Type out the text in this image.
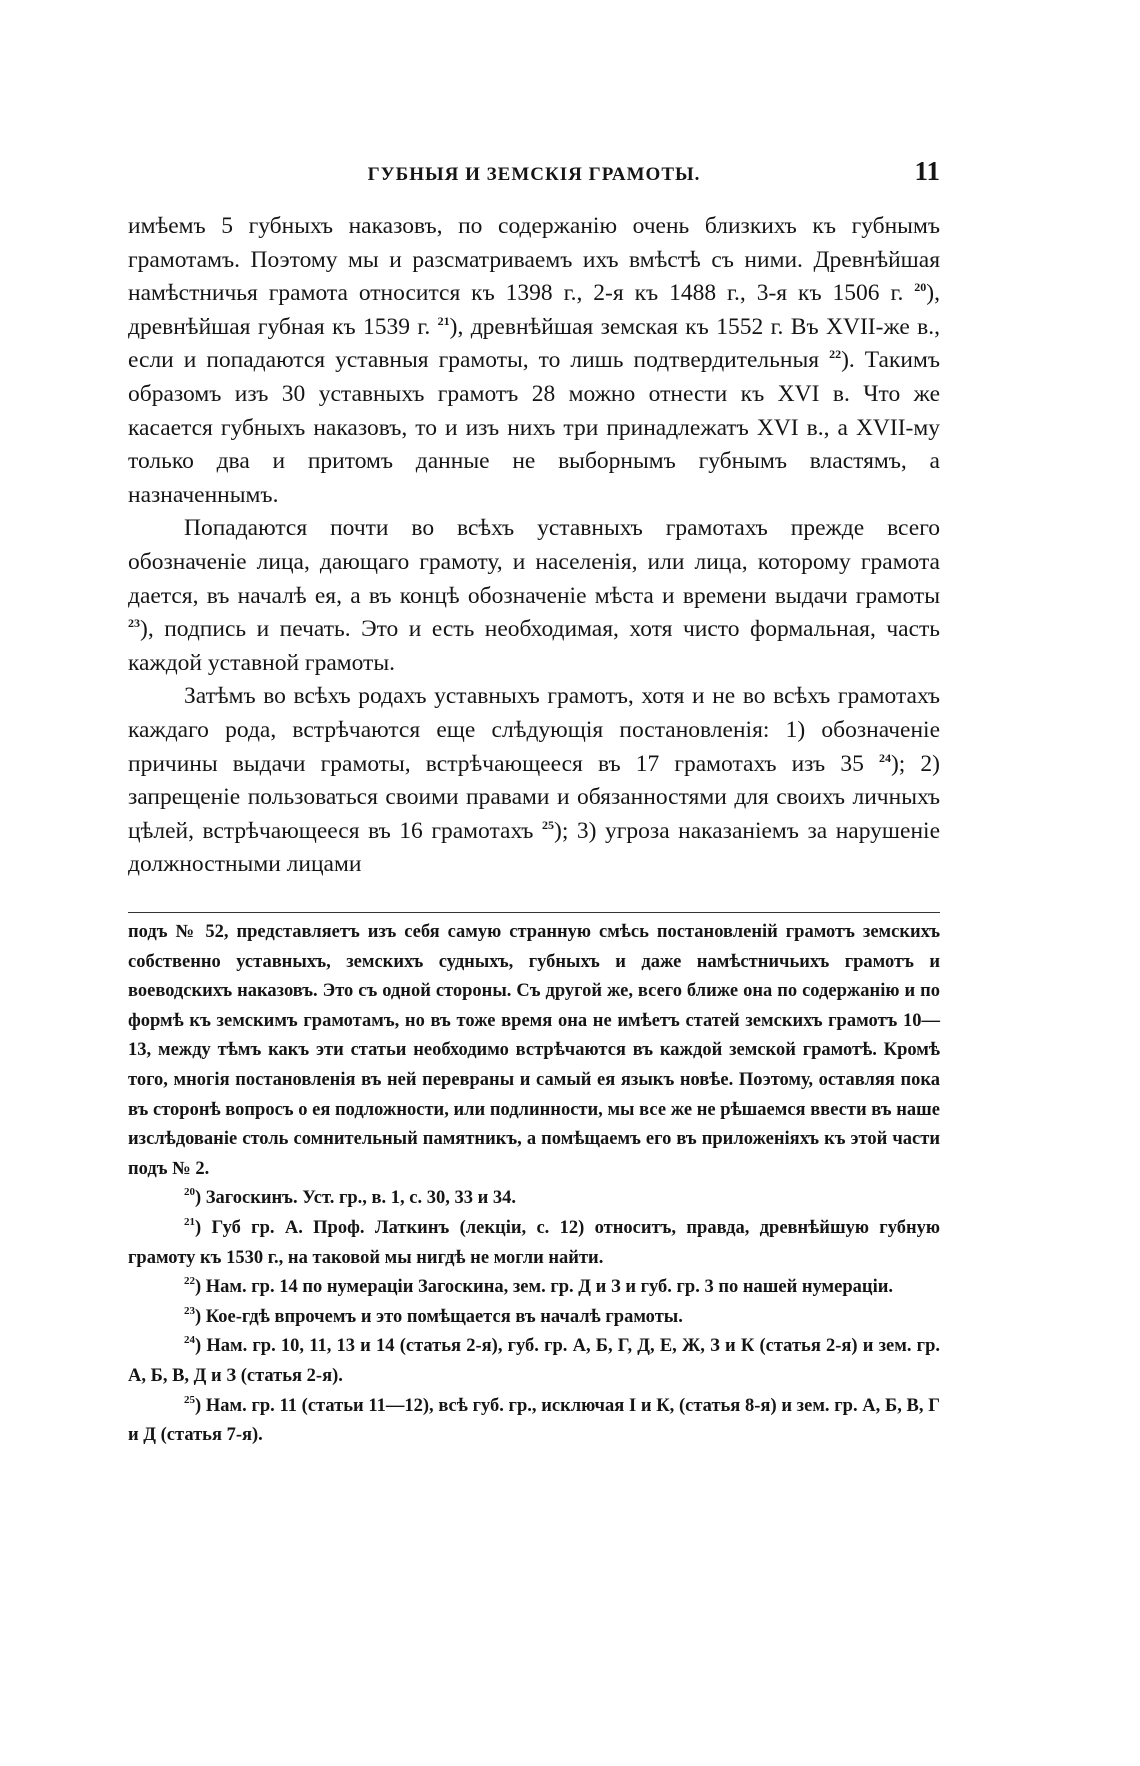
ГУБНЫЯ И ЗЕМСКІЯ ГРАМОТЫ.	11

имѣемъ 5 губныхъ наказовъ, по содержанію очень близкихъ къ губнымъ грамотамъ. Поэтому мы и разсматриваемъ ихъ вмѣстѣ съ ними. Древнѣйшая намѣстничья грамота относится къ 1398 г., 2-я къ 1488 г., 3-я къ 1506 г. $^{20}$), древнѣйшая губная къ 1539 г. $^{21}$), древнѣйшая земская къ 1552 г. Въ XVII-же в., если и попадаются уставныя грамоты, то лишь подтвердительныя $^{22}$). Такимъ образомъ изъ 30 уставныхъ грамотъ 28 можно отнести къ XVI в. Что же касается губныхъ наказовъ, то и изъ нихъ три принадлежатъ XVI в., а XVII-му только два и притомъ данные не выборнымъ губнымъ властямъ, а назначеннымъ.

Попадаются почти во всѣхъ уставныхъ грамотахъ прежде всего обозначеніе лица, дающаго грамоту, и населенія, или лица, которому грамота дается, въ началѣ ея, а въ концѣ обозначеніе мѣста и времени выдачи грамоты $^{23}$), подпись и печать. Это и есть необходимая, хотя чисто формальная, часть каждой уставной грамоты.

Затѣмъ во всѣхъ родахъ уставныхъ грамотъ, хотя и не во всѣхъ грамотахъ каждаго рода, встрѣчаются еще слѣдующія постановленія: 1) обозначеніе причины выдачи грамоты, встрѣчающееся въ 17 грамотахъ изъ 35 $^{24}$); 2) запрещеніе пользоваться своими правами и обязанностями для своихъ личныхъ цѣлей, встрѣчающееся въ 16 грамотахъ $^{25}$); 3) угроза наказаніемъ за нарушеніе должностными лицами

подъ № 52, представляетъ изъ себя самую странную смѣсь постановленій грамотъ земскихъ собственно уставныхъ, земскихъ судныхъ, губныхъ и даже намѣстничьихъ грамотъ и воеводскихъ наказовъ. Это съ одной стороны. Съ другой же, всего ближе она по содержанію и по формѣ къ земскимъ грамотамъ, но въ тоже время она не имѣетъ статей земскихъ грамотъ 10—13, между тѣмъ какъ эти статьи необходимо встрѣчаются въ каждой земской грамотѣ. Кромѣ того, многія постановленія въ ней перевраны и самый ея языкъ новѣе. Поэтому, оставляя пока въ сторонѣ вопросъ о ея подложности, или подлинности, мы все же не рѣшаемся ввести въ наше изслѣдованіе столь сомнительный памятникъ, а помѣщаемъ его въ приложеніяхъ къ этой части подъ № 2.

$^{20}$) Загоскинъ. Уст. гр., в. 1, с. 30, 33 и 34.

$^{21}$) Губ гр. А. Проф. Латкинъ (лекціи, с. 12) относитъ, правда, древнѣйшую губную грамоту къ 1530 г., на таковой мы нигдѣ не могли найти.

$^{22}$) Нам. гр. 14 по нумераціи Загоскина, зем. гр. Д и З и губ. гр. 3 по нашей нумераціи.

$^{23}$) Кое-гдѣ впрочемъ и это помѣщается въ началѣ грамоты.

$^{24}$) Нам. гр. 10, 11, 13 и 14 (статья 2-я), губ. гр. А, Б, Г, Д, Е, Ж, З и К (статья 2-я) и зем. гр. А, Б, В, Д и З (статья 2-я).

$^{25}$) Нам. гр. 11 (статьи 11—12), всѣ губ. гр., исключая I и К, (статья 8-я) и зем. гр. А, Б, В, Г и Д (статья 7-я).
